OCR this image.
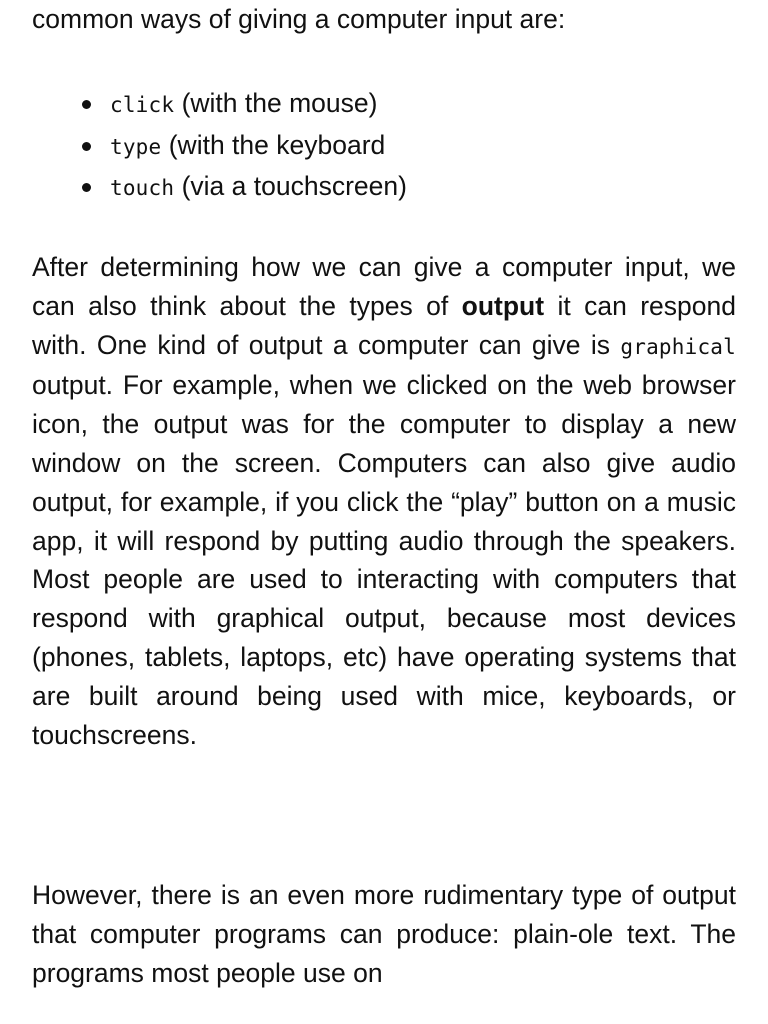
common ways of giving a computer input are:

click (with the mouse)
type (with the keyboard
touch (via a touchscreen)

After determining how we can give a computer input, we can also think about the types of output it can respond with. One kind of output a computer can give is graphical output. For example, when we clicked on the web browser icon, the output was for the computer to display a new window on the screen. Computers can also give audio output, for example, if you click the “play” button on a music app, it will respond by putting audio through the speakers. Most people are used to interacting with computers that respond with graphical output, because most devices (phones, tablets, laptops, etc) have operating systems that are built around being used with mice, keyboards, or touchscreens.

However, there is an even more rudimentary type of output that computer programs can produce: plain-ole text. The programs most people use on
